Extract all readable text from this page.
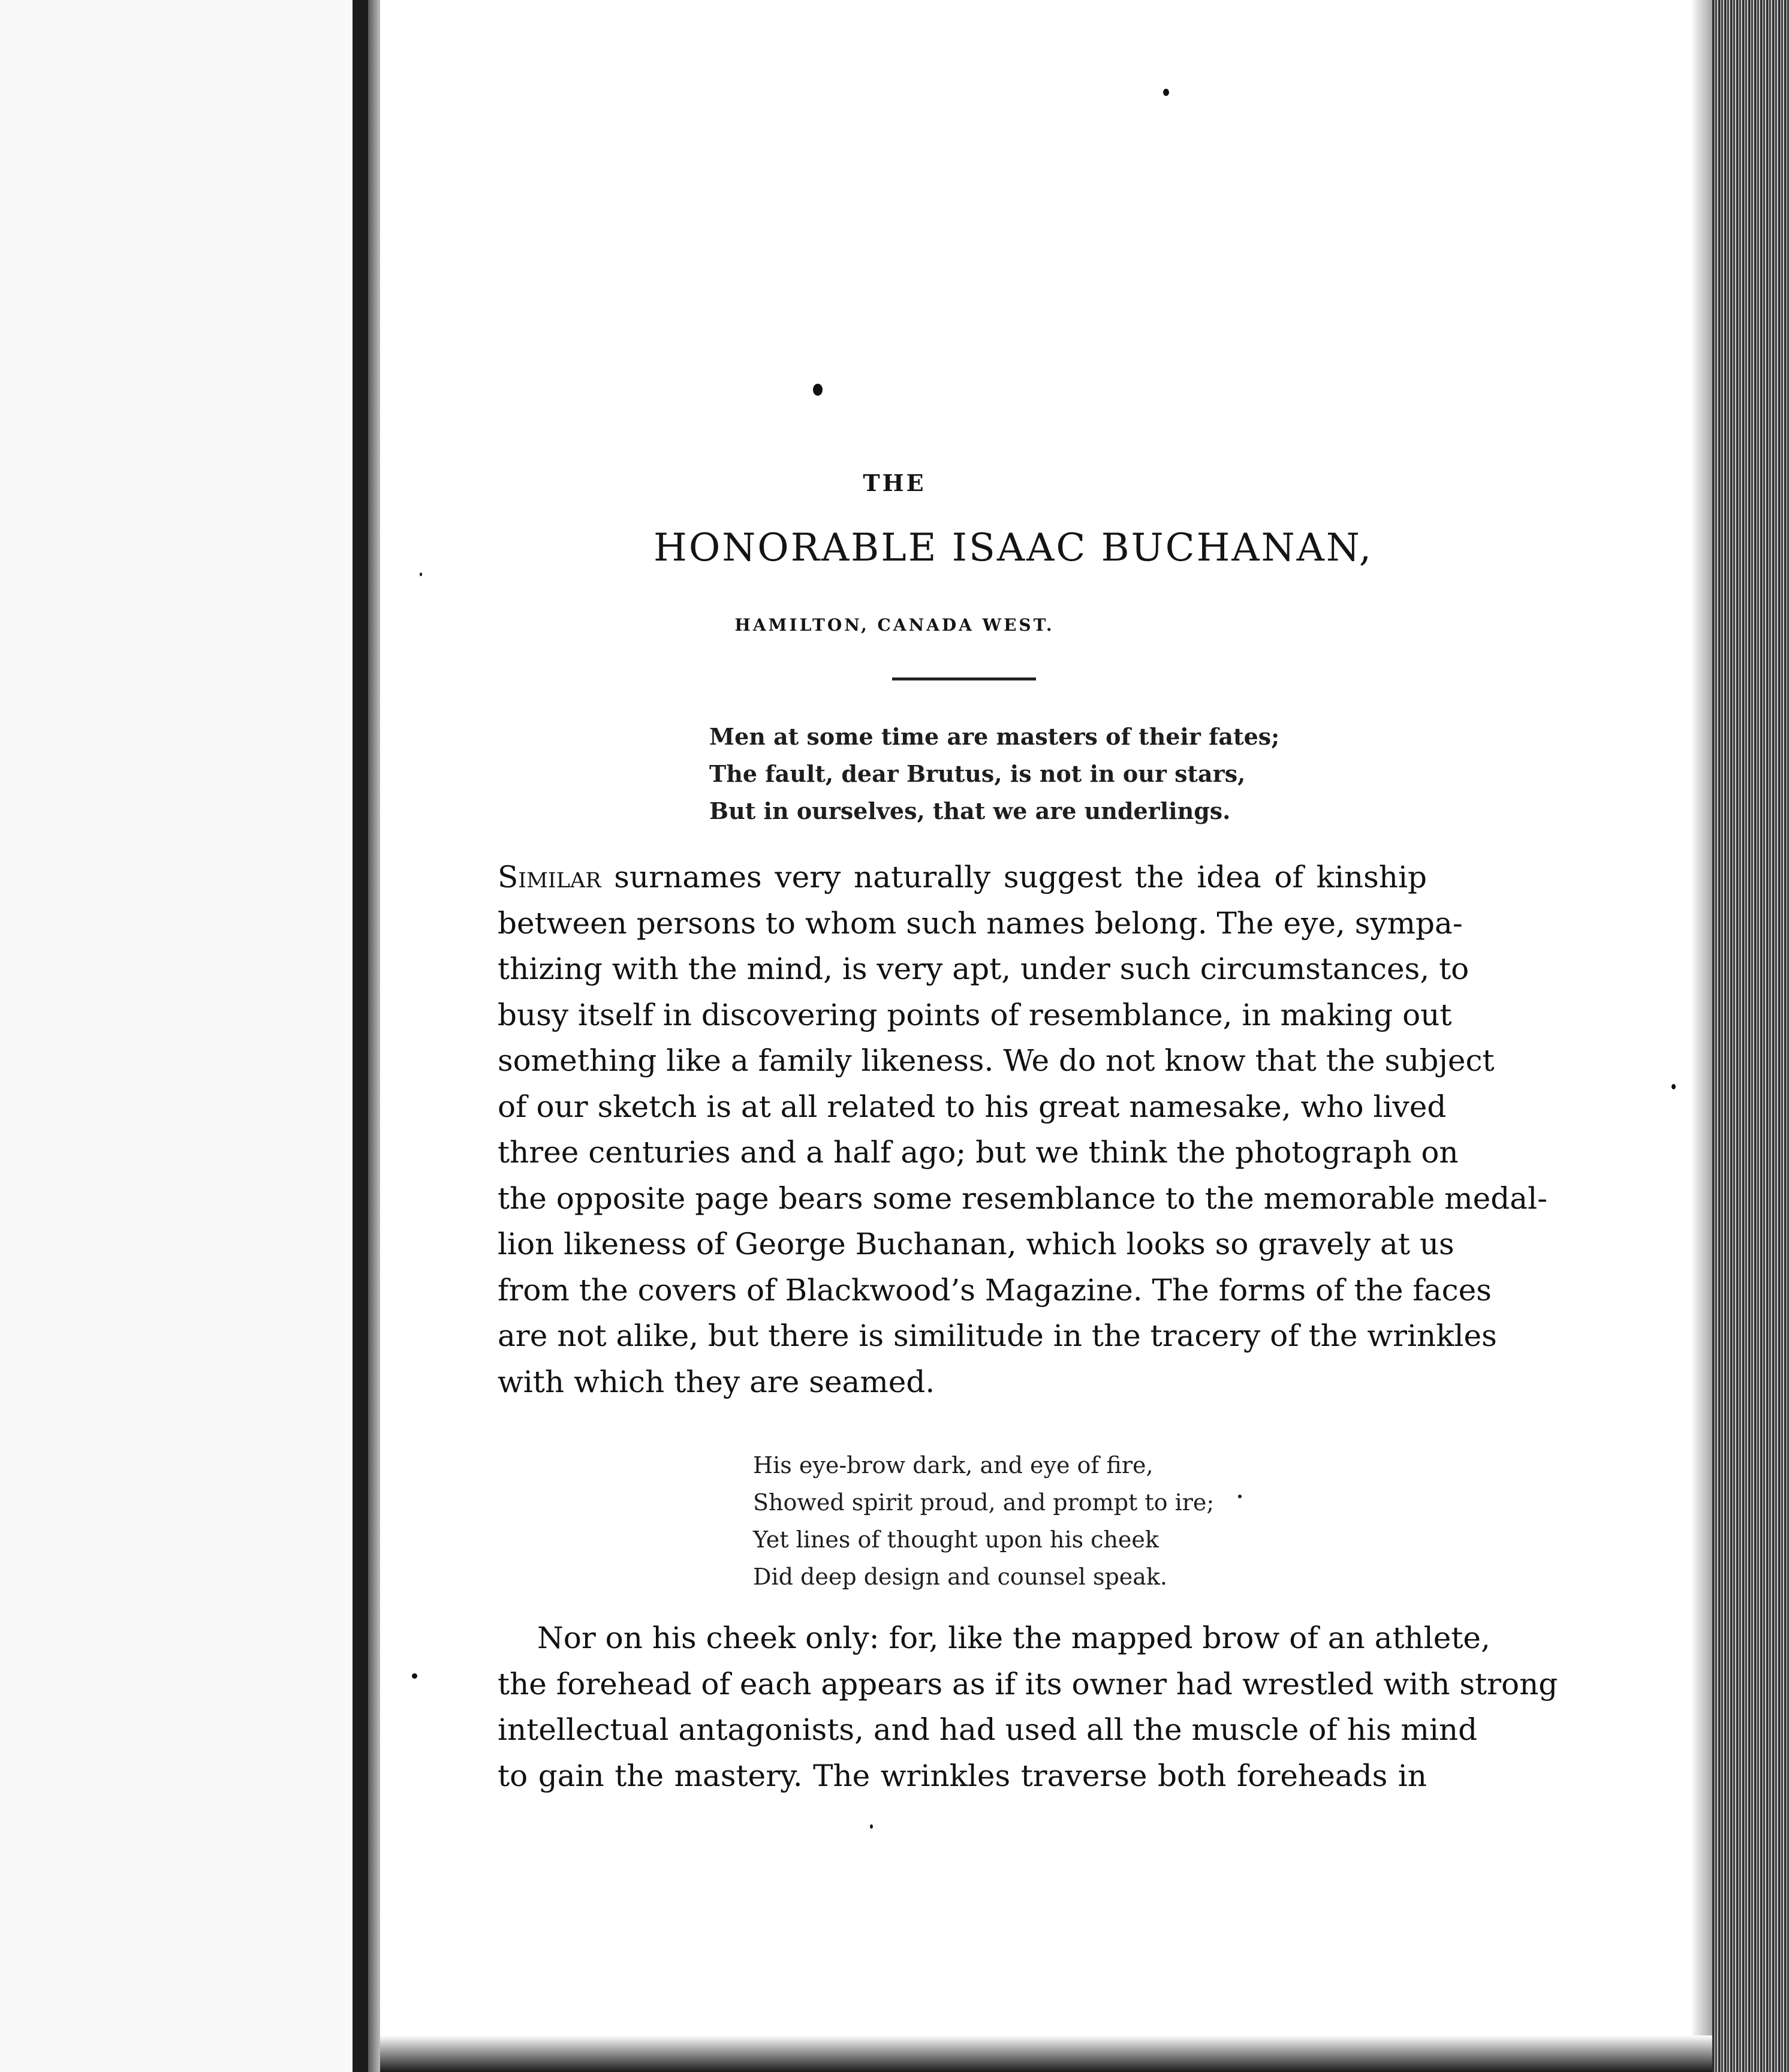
THE
HONORABLE ISAAC BUCHANAN,
HAMILTON, CANADA WEST.
Men at some time are masters of their fates;
The fault, dear Brutus, is not in our stars,
But in ourselves, that we are underlings.
Similar surnames very naturally suggest the idea of kinship
between persons to whom such names belong. The eye, sympa-
thizing with the mind, is very apt, under such circumstances, to
busy itself in discovering points of resemblance, in making out
something like a family likeness. We do not know that the subject
of our sketch is at all related to his great namesake, who lived
three centuries and a half ago; but we think the photograph on
the opposite page bears some resemblance to the memorable medal-
lion likeness of George Buchanan, which looks so gravely at us
from the covers of Blackwood’s Magazine. The forms of the faces
are not alike, but there is similitude in the tracery of the wrinkles
with which they are seamed.
His eye-brow dark, and eye of fire,
Showed spirit proud, and prompt to ire;
Yet lines of thought upon his cheek
Did deep design and counsel speak.
Nor on his cheek only: for, like the mapped brow of an athlete,
the forehead of each appears as if its owner had wrestled with strong
intellectual antagonists, and had used all the muscle of his mind
to gain the mastery. The wrinkles traverse both foreheads in
